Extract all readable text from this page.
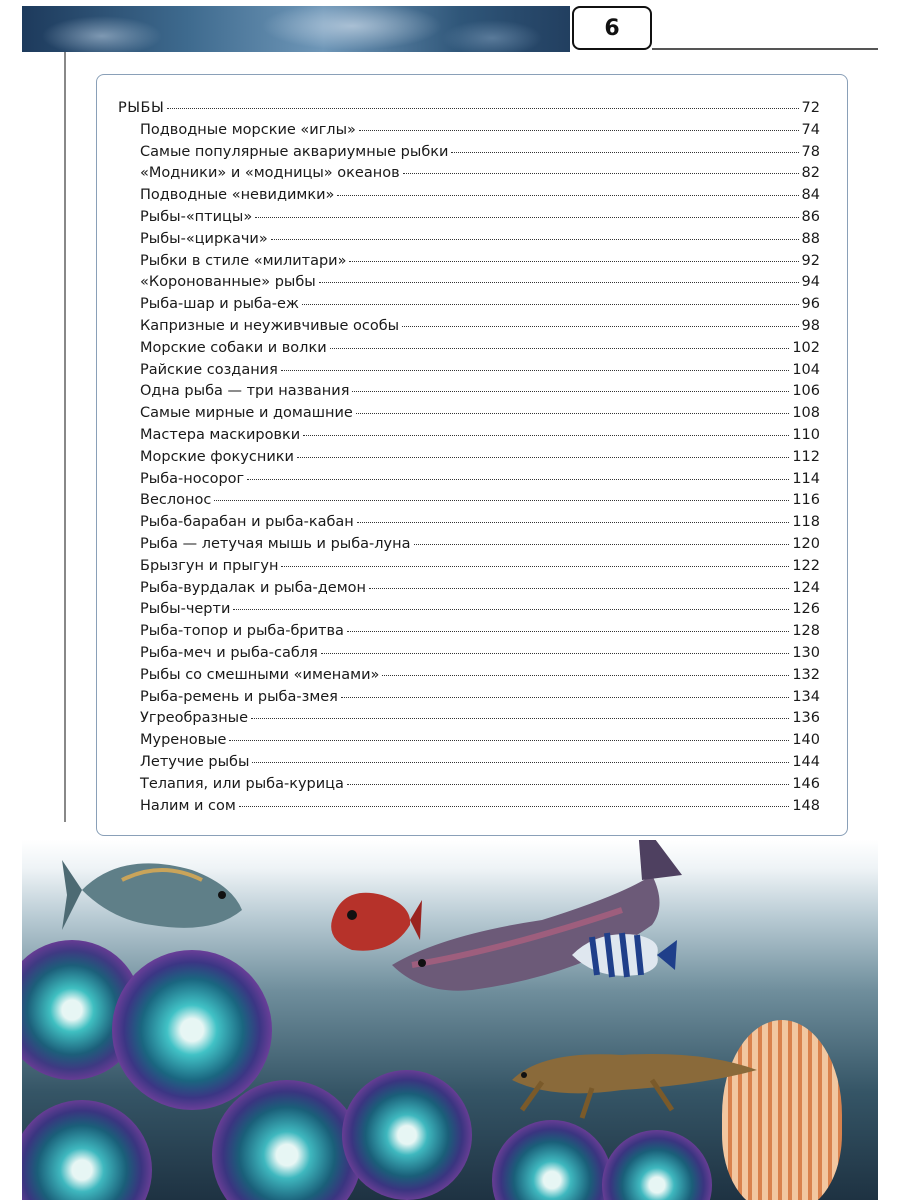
6
РЫБЫ	72
Подводные морские «иглы»	74
Самые популярные аквариумные рыбки	78
«Модники» и «модницы» океанов	82
Подводные «невидимки»	84
Рыбы-«птицы»	86
Рыбы-«циркачи»	88
Рыбки в стиле «милитари»	92
«Коронованные» рыбы	94
Рыба-шар и рыба-еж	96
Капризные и неуживчивые особы	98
Морские собаки и волки	102
Райские создания	104
Одна рыба — три названия	106
Самые мирные и домашние	108
Мастера маскировки	110
Морские фокусники	112
Рыба-носорог	114
Веслонос	116
Рыба-барабан и рыба-кабан	118
Рыба — летучая мышь и рыба-луна	120
Брызгун и прыгун	122
Рыба-вурдалак и рыба-демон	124
Рыбы-черти	126
Рыба-топор и рыба-бритва	128
Рыба-меч и рыба-сабля	130
Рыбы со смешными «именами»	132
Рыба-ремень и рыба-змея	134
Угреобразные	136
Муреновые	140
Летучие рыбы	144
Телапия, или рыба-курица	146
Налим и сом	148
